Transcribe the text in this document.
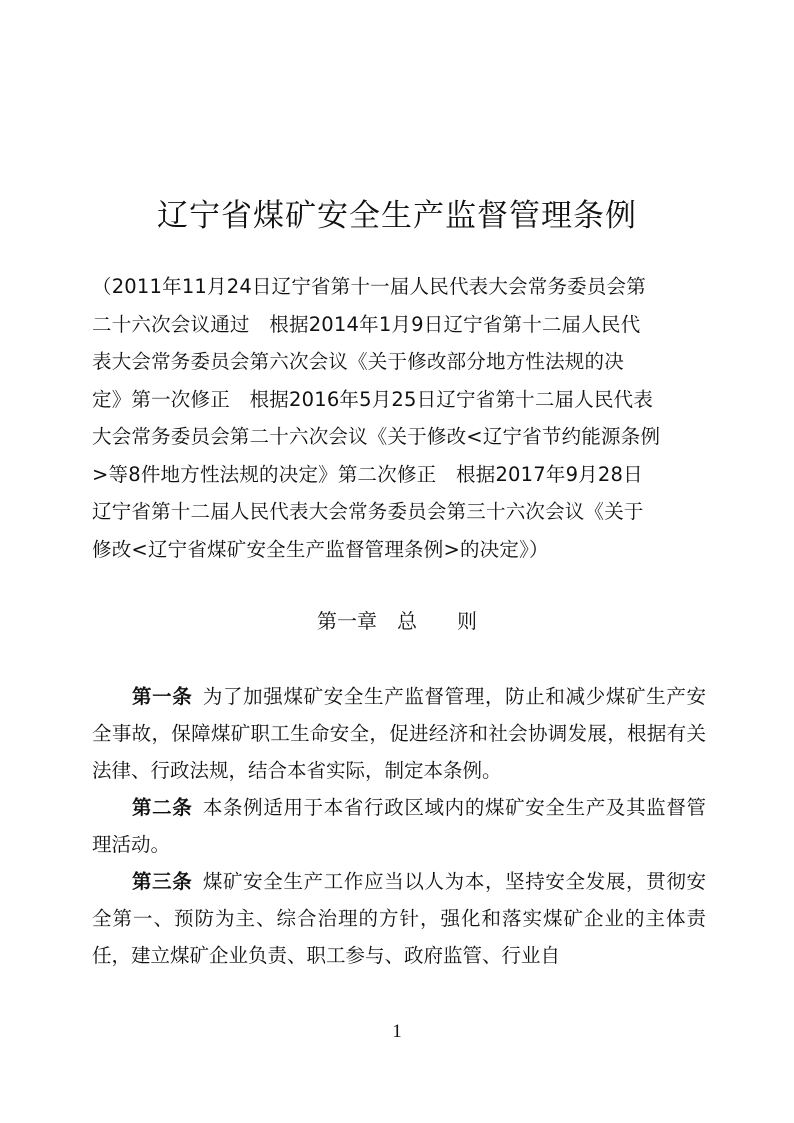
辽宁省煤矿安全生产监督管理条例
（2011年11月24日辽宁省第十一届人民代表大会常务委员会第
二十六次会议通过　根据2014年1月9日辽宁省第十二届人民代
表大会常务委员会第六次会议《关于修改部分地方性法规的决
定》第一次修正　根据2016年5月25日辽宁省第十二届人民代表
大会常务委员会第二十六次会议《关于修改<辽宁省节约能源条例
>等8件地方性法规的决定》第二次修正　根据2017年9月28日
辽宁省第十二届人民代表大会常务委员会第三十六次会议《关于
修改<辽宁省煤矿安全生产监督管理条例>的决定》）
第一章　总　　则

第一条  为了加强煤矿安全生产监督管理，防止和减少煤矿生产安全事故，保障煤矿职工生命安全，促进经济和社会协调发展，根据有关法律、行政法规，结合本省实际，制定本条例。

第二条  本条例适用于本省行政区域内的煤矿安全生产及其监督管理活动。

第三条  煤矿安全生产工作应当以人为本，坚持安全发展，贯彻安全第一、预防为主、综合治理的方针，强化和落实煤矿企业的主体责任，建立煤矿企业负责、职工参与、政府监管、行业自

1
